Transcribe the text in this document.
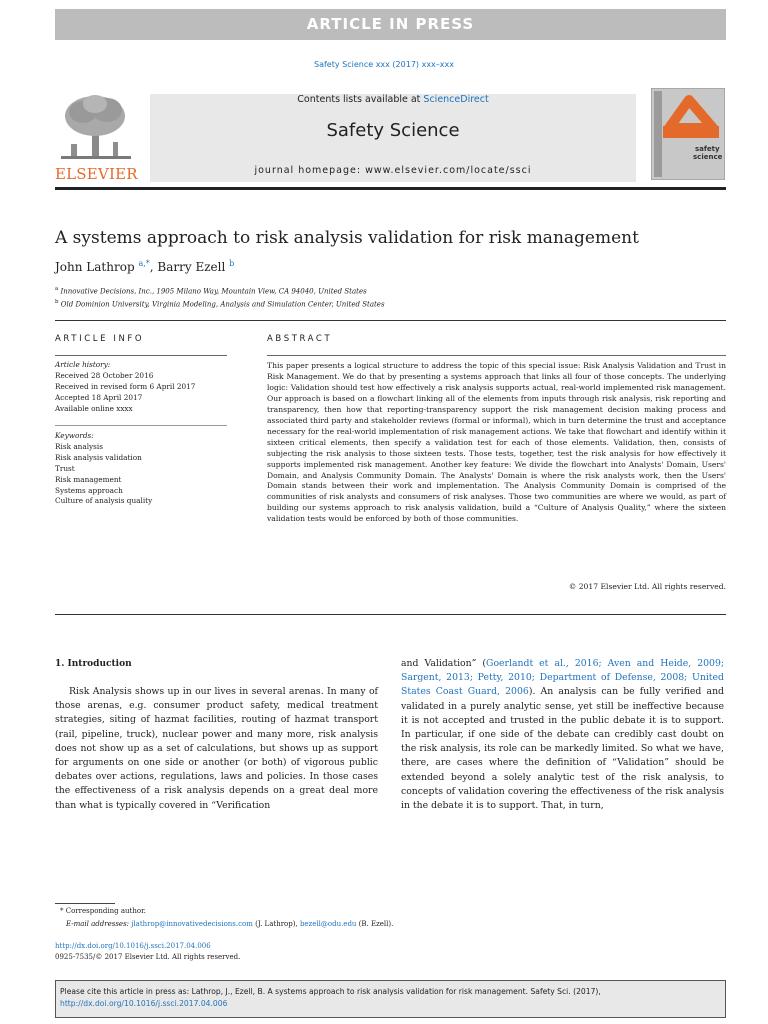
ARTICLE IN PRESS
Safety Science xxx (2017) xxx–xxx
ELSEVIER
Contents lists available at ScienceDirect
Safety Science
journal homepage: www.elsevier.com/locate/ssci
safety
science
A systems approach to risk analysis validation for risk management
John Lathrop $^{a,*}$, Barry Ezell $^b$
$^a$ Innovative Decisions, Inc., 1905 Milano Way, Mountain View, CA 94040, United States
$^b$ Old Dominion University, Virginia Modeling, Analysis and Simulation Center, United States
ARTICLE INFO	ABSTRACT
Article history:
Received 28 October 2016
Received in revised form 6 April 2017
Accepted 18 April 2017
Available online xxxx
Keywords:
Risk analysis
Risk analysis validation
Trust
Risk management
Systems approach
Culture of analysis quality
This paper presents a logical structure to address the topic of this special issue: Risk Analysis Validation and Trust in Risk Management. We do that by presenting a systems approach that links all four of those concepts. The underlying logic: Validation should test how effectively a risk analysis supports actual, real-world implemented risk management. Our approach is based on a flowchart linking all of the elements from inputs through risk analysis, risk reporting and transparency, then how that reporting-transparency support the risk management decision making process and associated third party and stakeholder reviews (formal or informal), which in turn determine the trust and acceptance necessary for the real-world implementation of risk management actions. We take that flowchart and identify within it sixteen critical elements, then specify a validation test for each of those elements. Validation, then, consists of subjecting the risk analysis to those sixteen tests. Those tests, together, test the risk analysis for how effectively it supports implemented risk management. Another key feature: We divide the flowchart into Analysts' Domain, Users' Domain, and Analysis Community Domain. The Analysts' Domain is where the risk analysts work, then the Users' Domain stands between their work and implementation. The Analysis Community Domain is comprised of the communities of risk analysts and consumers of risk analyses. Those two communities are where we would, as part of building our systems approach to risk analysis validation, build a “Culture of Analysis Quality,” where the sixteen validation tests would be enforced by both of those communities.
© 2017 Elsevier Ltd. All rights reserved.
1. Introduction
Risk Analysis shows up in our lives in several arenas. In many of those arenas, e.g. consumer product safety, medical treatment strategies, siting of hazmat facilities, routing of hazmat transport (rail, pipeline, truck), nuclear power and many more, risk analysis does not show up as a set of calculations, but shows up as support for arguments on one side or another (or both) of vigorous public debates over actions, regulations, laws and policies. In those cases the effectiveness of a risk analysis depends on a great deal more than what is typically covered in “Verification
and Validation” (Goerlandt et al., 2016; Aven and Heide, 2009; Sargent, 2013; Petty, 2010; Department of Defense, 2008; United States Coast Guard, 2006). An analysis can be fully verified and validated in a purely analytic sense, yet still be ineffective because it is not accepted and trusted in the public debate it is to support. In particular, if one side of the debate can credibly cast doubt on the risk analysis, its role can be markedly limited. So what we have, there, are cases where the definition of “Validation” should be extended beyond a solely analytic test of the risk analysis, to concepts of validation covering the effectiveness of the risk analysis in the debate it is to support. That, in turn,
* Corresponding author.
E-mail addresses: jlathrop@innovativedecisions.com (J. Lathrop), bezell@odu.edu (B. Ezell).
http://dx.doi.org/10.1016/j.ssci.2017.04.006
0925-7535/© 2017 Elsevier Ltd. All rights reserved.
Please cite this article in press as: Lathrop, J., Ezell, B. A systems approach to risk analysis validation for risk management. Safety Sci. (2017), http://dx.doi.org/10.1016/j.ssci.2017.04.006
